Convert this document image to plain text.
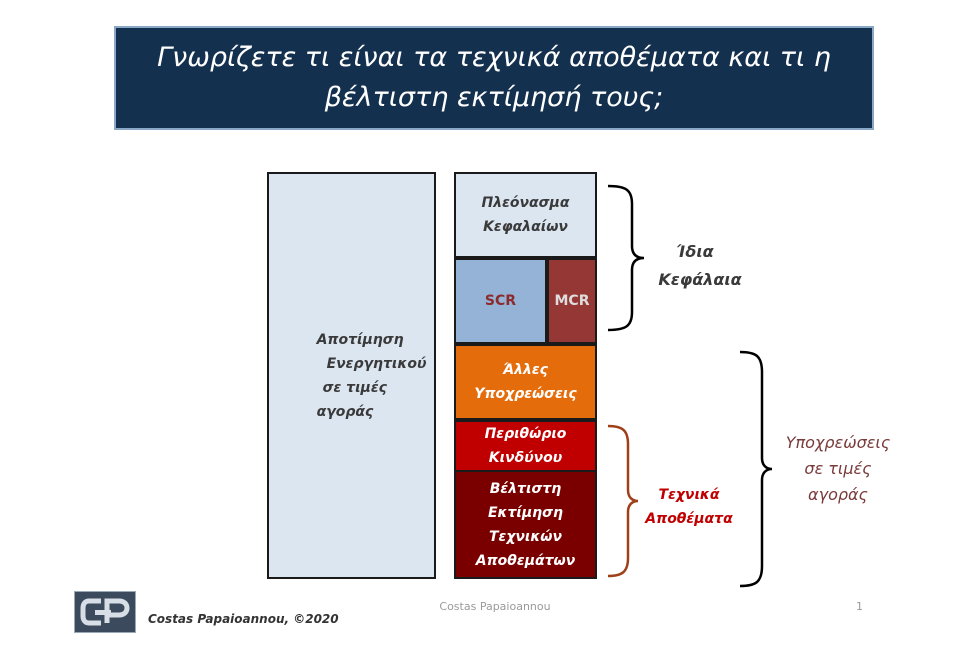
Γνωρίζετε τι είναι τα τεχνικά αποθέματα και τι η
βέλτιστη εκτίμησή τους;
Αποτίμηση
Ενεργητικού
σε τιμές
αγοράς
Πλεόνασμα
Κεφαλαίων
SCR	MCR
Άλλες
Υποχρεώσεις
Περιθώριο
Κινδύνου
Βέλτιστη
Εκτίμηση
Τεχνικών
Αποθεμάτων
Ίδια
Κεφάλαια
Τεχνικά
Αποθέματα
Υποχρεώσεις
σε τιμές
αγοράς
Costas Papaioannou, ©2020
Costas Papaioannou	1
